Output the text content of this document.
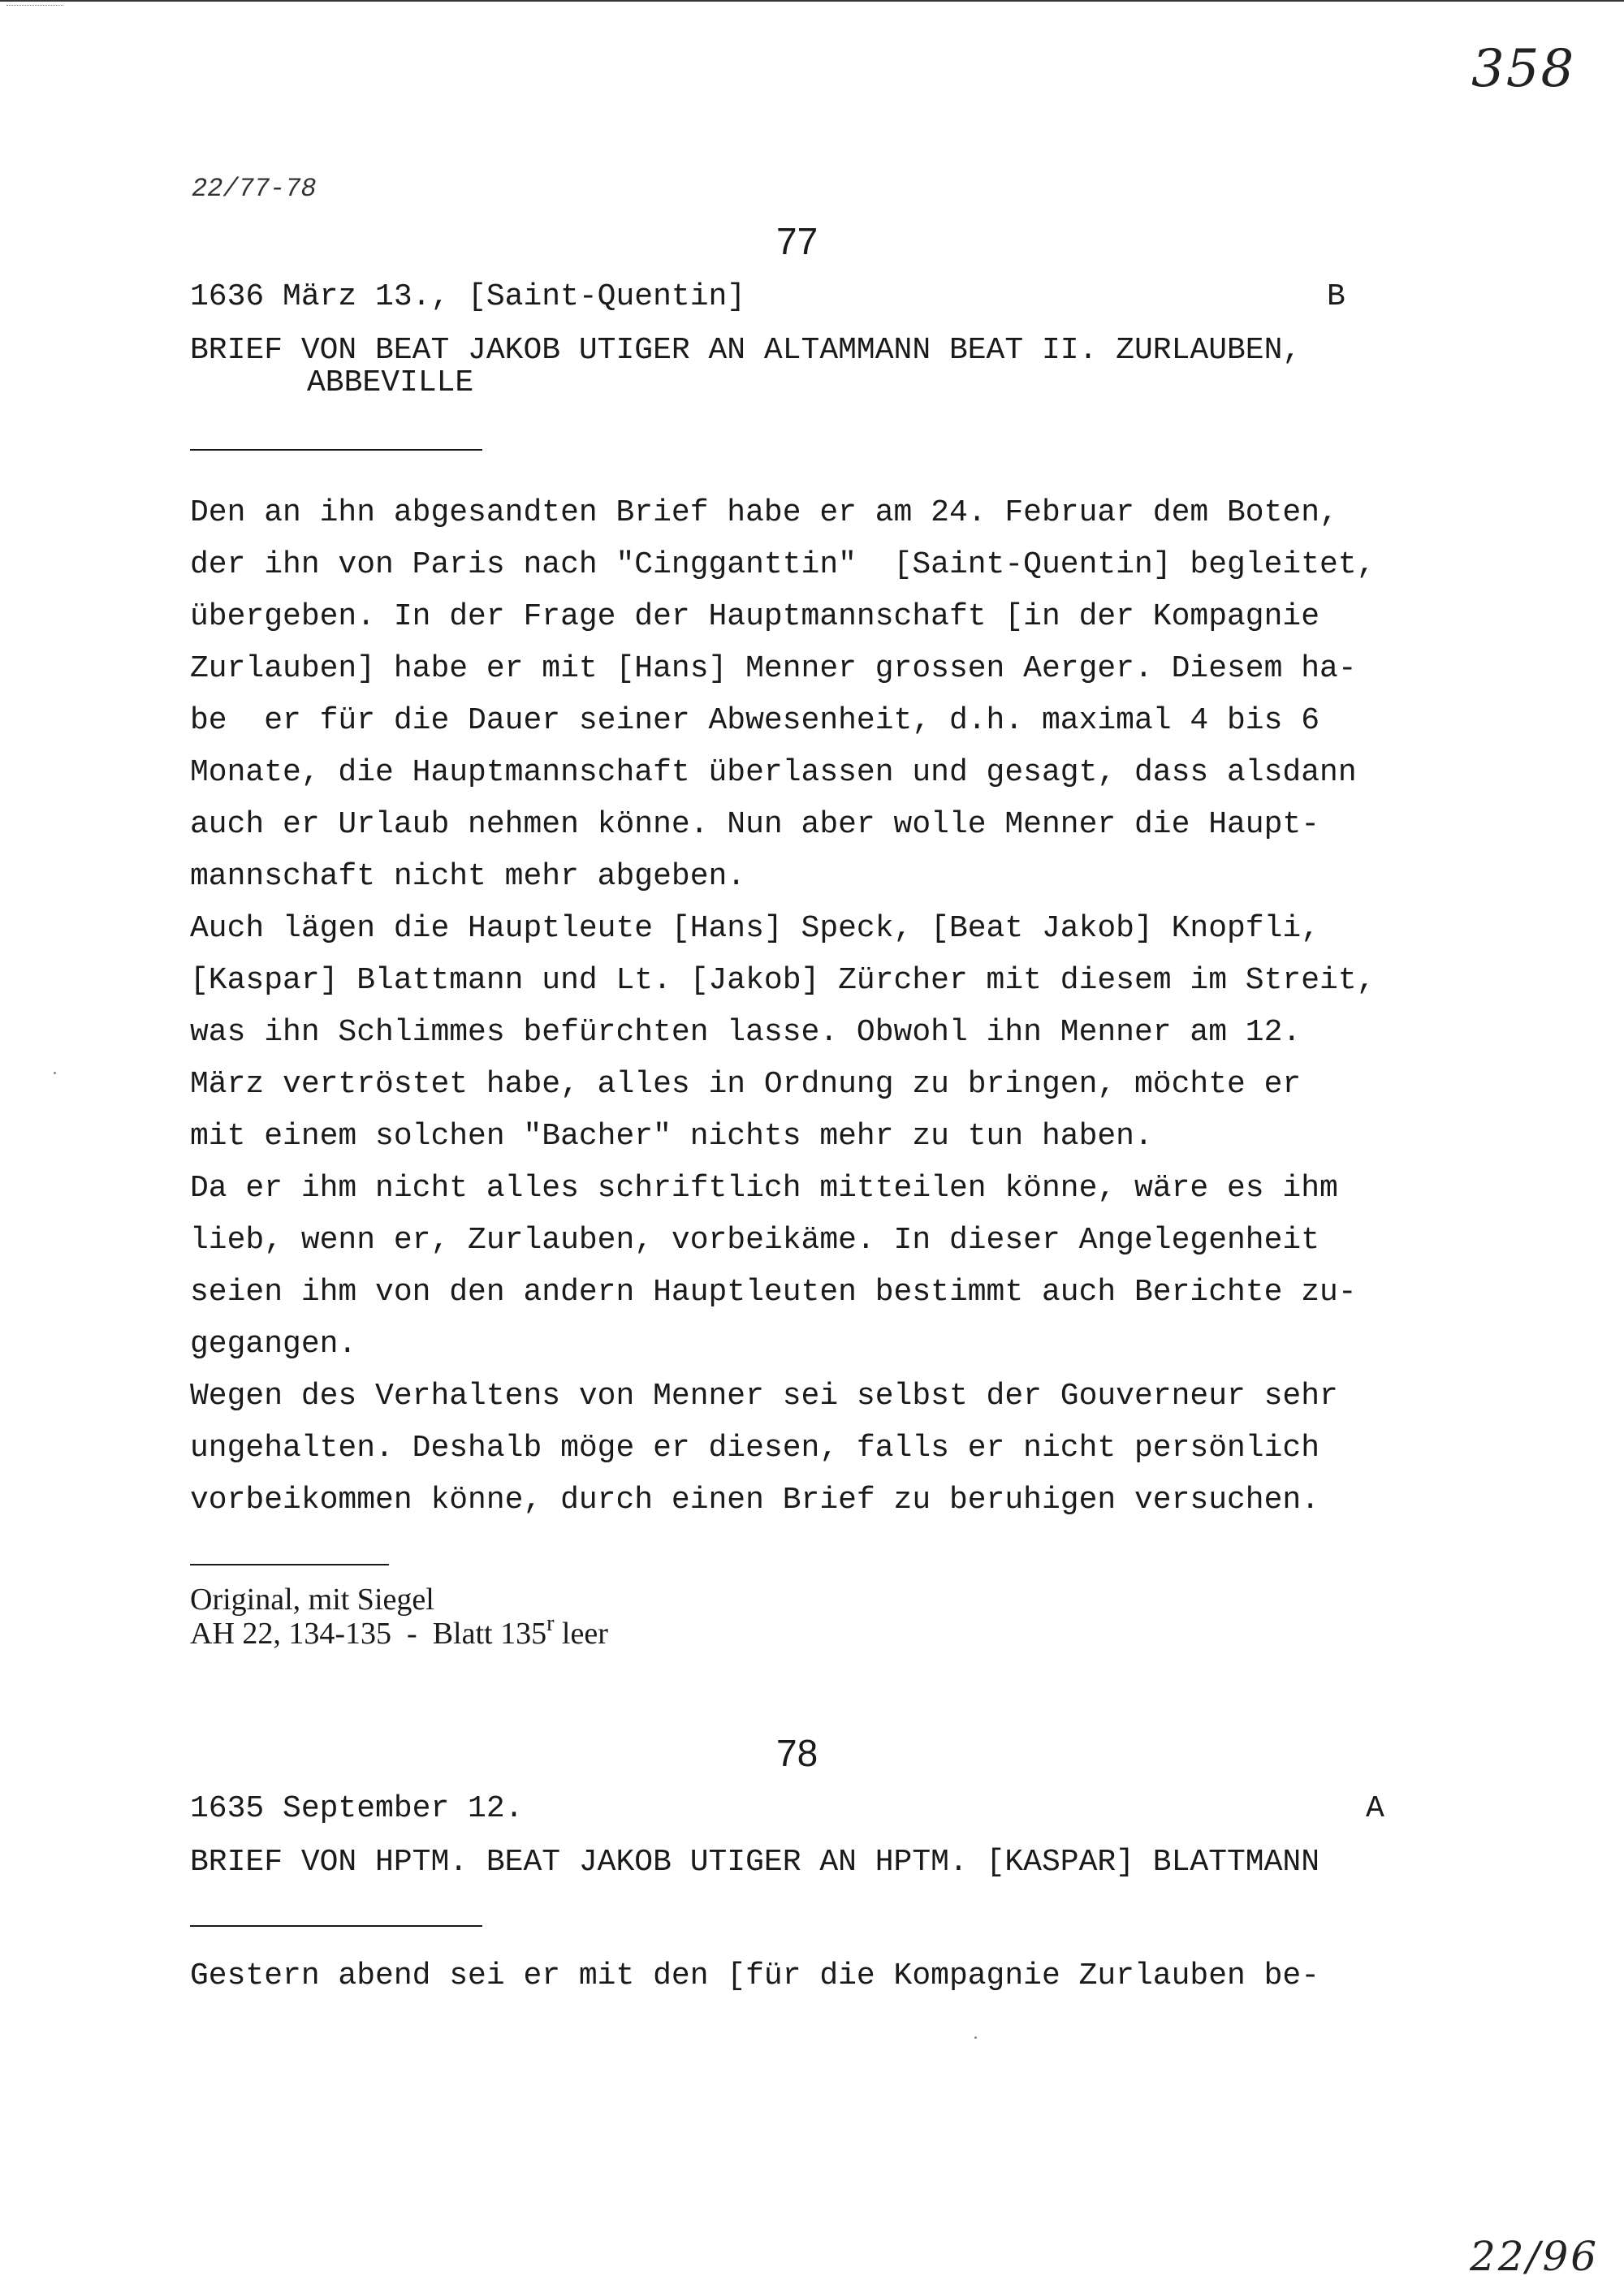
358
22/77-78
77
1636 März 13., [Saint-Quentin]	B
BRIEF VON BEAT JAKOB UTIGER AN ALTAMMANN BEAT II. ZURLAUBEN,
ABBEVILLE
Den an ihn abgesandten Brief habe er am 24. Februar dem Boten,
der ihn von Paris nach "Cingganttin"  [Saint-Quentin] begleitet,
übergeben. In der Frage der Hauptmannschaft [in der Kompagnie
Zurlauben] habe er mit [Hans] Menner grossen Aerger. Diesem ha-
be  er für die Dauer seiner Abwesenheit, d.h. maximal 4 bis 6
Monate, die Hauptmannschaft überlassen und gesagt, dass alsdann
auch er Urlaub nehmen könne. Nun aber wolle Menner die Haupt-
mannschaft nicht mehr abgeben.
Auch lägen die Hauptleute [Hans] Speck, [Beat Jakob] Knopfli,
[Kaspar] Blattmann und Lt. [Jakob] Zürcher mit diesem im Streit,
was ihn Schlimmes befürchten lasse. Obwohl ihn Menner am 12.
März vertröstet habe, alles in Ordnung zu bringen, möchte er
mit einem solchen "Bacher" nichts mehr zu tun haben.
Da er ihm nicht alles schriftlich mitteilen könne, wäre es ihm
lieb, wenn er, Zurlauben, vorbeikäme. In dieser Angelegenheit
seien ihm von den andern Hauptleuten bestimmt auch Berichte zu-
gegangen.
Wegen des Verhaltens von Menner sei selbst der Gouverneur sehr
ungehalten. Deshalb möge er diesen, falls er nicht persönlich
vorbeikommen könne, durch einen Brief zu beruhigen versuchen.
Original, mit Siegel
AH 22, 134-135  -  Blatt 135$^r$ leer
78
1635 September 12.	A
BRIEF VON HPTM. BEAT JAKOB UTIGER AN HPTM. [KASPAR] BLATTMANN
Gestern abend sei er mit den [für die Kompagnie Zurlauben be-
22/96
